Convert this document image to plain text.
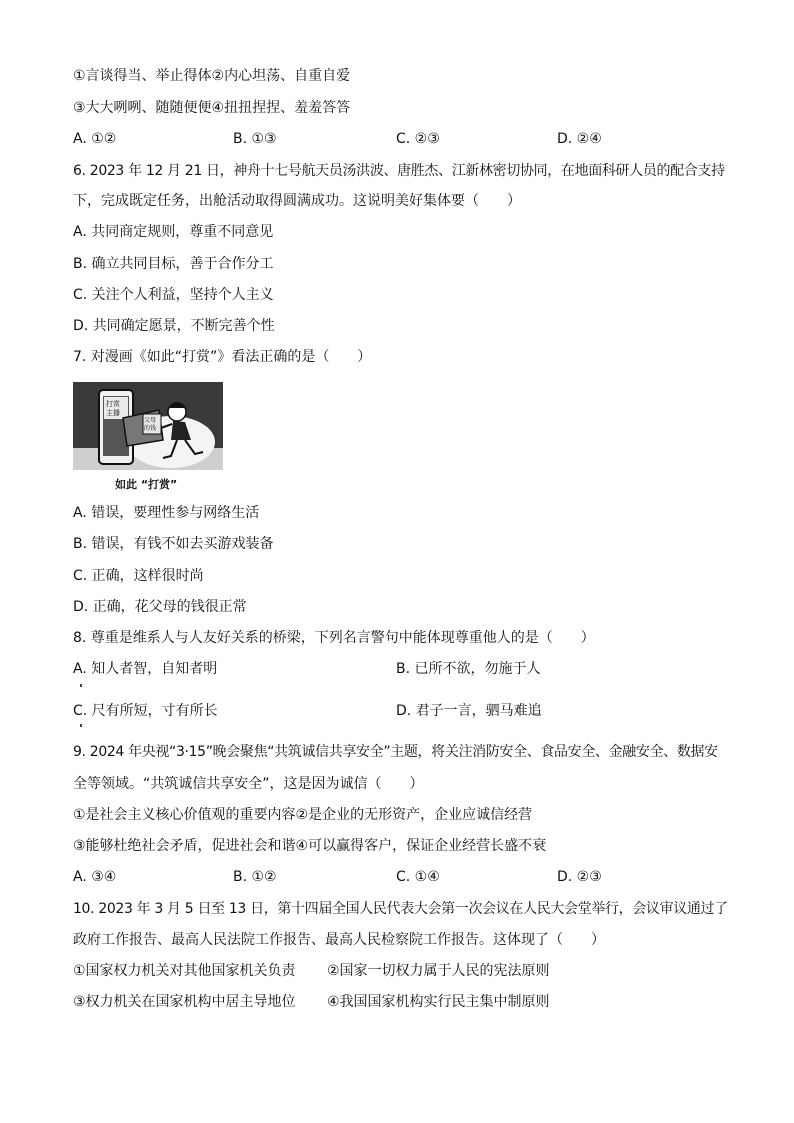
①言谈得当、举止得体②内心坦荡、自重自爱
③大大咧咧、随随便便④扭扭捏捏、羞羞答答
A. ①②	B. ①③	C. ②③	D. ②④
6. 2023 年 12 月 21 日，神舟十七号航天员汤洪波、唐胜杰、江新林密切协同，在地面科研人员的配合支持
下，完成既定任务，出舱活动取得圆满成功。这说明美好集体要（　　）
A. 共同商定规则，尊重不同意见
B. 确立共同目标，善于合作分工
C. 关注个人利益，坚持个人主义
D. 共同确定愿景，不断完善个性
7. 对漫画《如此“打赏”》看法正确的是（　　）
打赏
主播
父母
的钱
如此 “打赏”
A. 错误，要理性参与网络生活
B. 错误，有钱不如去买游戏装备
C. 正确，这样很时尚
D. 正确，花父母的钱很正常
8. 尊重是维系人与人友好关系的桥梁，下列名言警句中能体现尊重他人的是（　　）
A. 知人者智，自知者明	B. 已所不欲，勿施于人
C. 尺有所短，寸有所长	D. 君子一言，驷马难追
9. 2024 年央视“3·15”晚会聚焦“共筑诚信共享安全”主题，将关注消防安全、食品安全、金融安全、数据安
全等领域。“共筑诚信共享安全”，这是因为诚信（　　）
①是社会主义核心价值观的重要内容②是企业的无形资产，企业应诚信经营
③能够杜绝社会矛盾，促进社会和谐④可以赢得客户，保证企业经营长盛不衰
A. ③④	B. ①②	C. ①④	D. ②③
10. 2023 年 3 月 5 日至 13 日，第十四届全国人民代表大会第一次会议在人民大会堂举行，会议审议通过了
政府工作报告、最高人民法院工作报告、最高人民检察院工作报告。这体现了（　　）
①国家权力机关对其他国家机关负责 ②国家一切权力属于人民的宪法原则
③权力机关在国家机构中居主导地位 ④我国国家机构实行民主集中制原则
